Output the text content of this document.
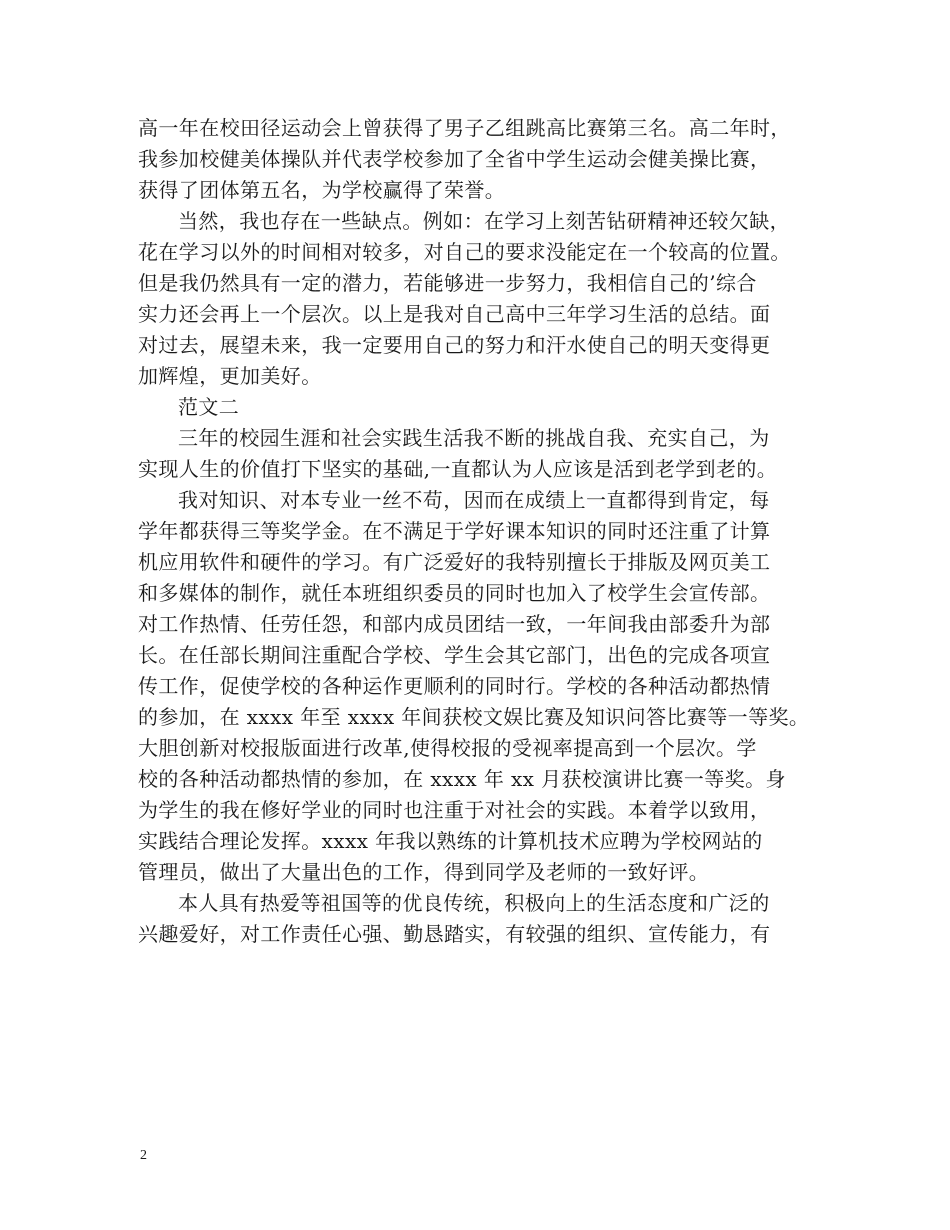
高一年在校田径运动会上曾获得了男子乙组跳高比赛第三名。高二年时，
我参加校健美体操队并代表学校参加了全省中学生运动会健美操比赛，
获得了团体第五名，为学校赢得了荣誉。
当然，我也存在一些缺点。例如：在学习上刻苦钻研精神还较欠缺，
花在学习以外的时间相对较多，对自己的要求没能定在一个较高的位置。
但是我仍然具有一定的潜力，若能够进一步努力，我相信自己的’综合
实力还会再上一个层次。以上是我对自己高中三年学习生活的总结。面
对过去，展望未来，我一定要用自己的努力和汗水使自己的明天变得更
加辉煌，更加美好。
范文二
三年的校园生涯和社会实践生活我不断的挑战自我、充实自己，为
实现人生的价值打下坚实的基础,一直都认为人应该是活到老学到老的。
我对知识、对本专业一丝不苟，因而在成绩上一直都得到肯定，每
学年都获得三等奖学金。在不满足于学好课本知识的同时还注重了计算
机应用软件和硬件的学习。有广泛爱好的我特别擅长于排版及网页美工
和多媒体的制作，就任本班组织委员的同时也加入了校学生会宣传部。
对工作热情、任劳任怨，和部内成员团结一致，一年间我由部委升为部
长。在任部长期间注重配合学校、学生会其它部门，出色的完成各项宣
传工作，促使学校的各种运作更顺利的同时行。学校的各种活动都热情
的参加，在 xxxx 年至 xxxx 年间获校文娱比赛及知识问答比赛等一等奖。
大胆创新对校报版面进行改革,使得校报的受视率提高到一个层次。学
校的各种活动都热情的参加，在 xxxx 年 xx 月获校演讲比赛一等奖。身
为学生的我在修好学业的同时也注重于对社会的实践。本着学以致用，
实践结合理论发挥。xxxx 年我以熟练的计算机技术应聘为学校网站的
管理员，做出了大量出色的工作，得到同学及老师的一致好评。
本人具有热爱等祖国等的优良传统，积极向上的生活态度和广泛的
兴趣爱好，对工作责任心强、勤恳踏实，有较强的组织、宣传能力，有
2
